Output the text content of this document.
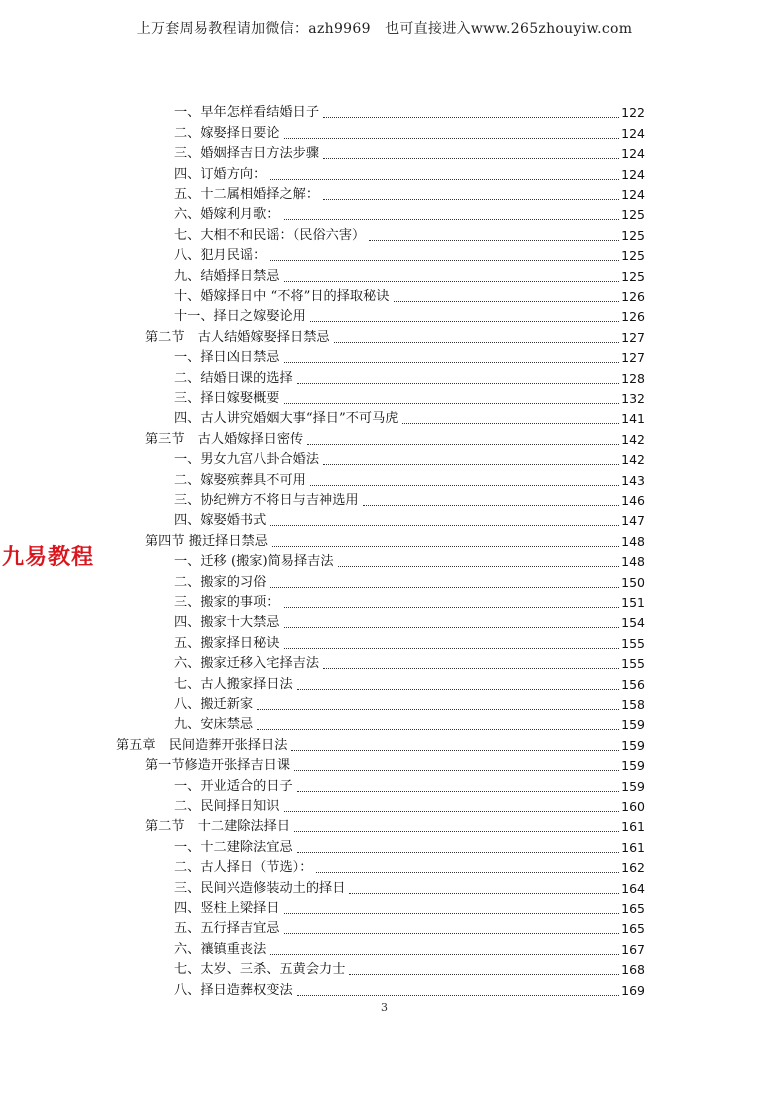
上万套周易教程请加微信：azh9969　也可直接进入www.265zhouyiw.com
九易教程
一、早年怎样看结婚日子	122
二、嫁娶择日要论	124
三、婚姻择吉日方法步骤	124
四、订婚方向：	124
五、十二属相婚择之解：	124
六、婚嫁利月歌：	125
七、大相不和民谣：（民俗六害）	125
八、犯月民谣：	125
九、结婚择日禁忌	125
十、婚嫁择日中 “不将”日的择取秘诀	126
十一、择日之嫁娶论用	126
第二节　古人结婚嫁娶择日禁忌	127
一、择日凶日禁忌	127
二、结婚日课的选择	128
三、择日嫁娶概要	132
四、古人讲究婚姻大事“择日”不可马虎	141
第三节　古人婚嫁择日密传	142
一、男女九宫八卦合婚法	142
二、嫁娶殡葬具不可用	143
三、协纪辨方不将日与吉神选用	146
四、嫁娶婚书式	147
第四节 搬迁择日禁忌	148
一、迁移 (搬家)简易择吉法	148
二、搬家的习俗	150
三、搬家的事项：	151
四、搬家十大禁忌	154
五、搬家择日秘诀	155
六、搬家迁移入宅择吉法	155
七、古人搬家择日法	156
八、搬迁新家	158
九、安床禁忌	159
第五章　民间造葬开张择日法	159
第一节修造开张择吉日课	159
一、开业适合的日子	159
二、民间择日知识	160
第二节　十二建除法择日	161
一、十二建除法宜忌	161
二、古人择日（节选）：	162
三、民间兴造修装动土的择日	164
四、竖柱上梁择日	165
五、五行择吉宜忌	165
六、禳镇重丧法	167
七、太岁、三杀、五黄会力士	168
八、择日造葬权变法	169
3
